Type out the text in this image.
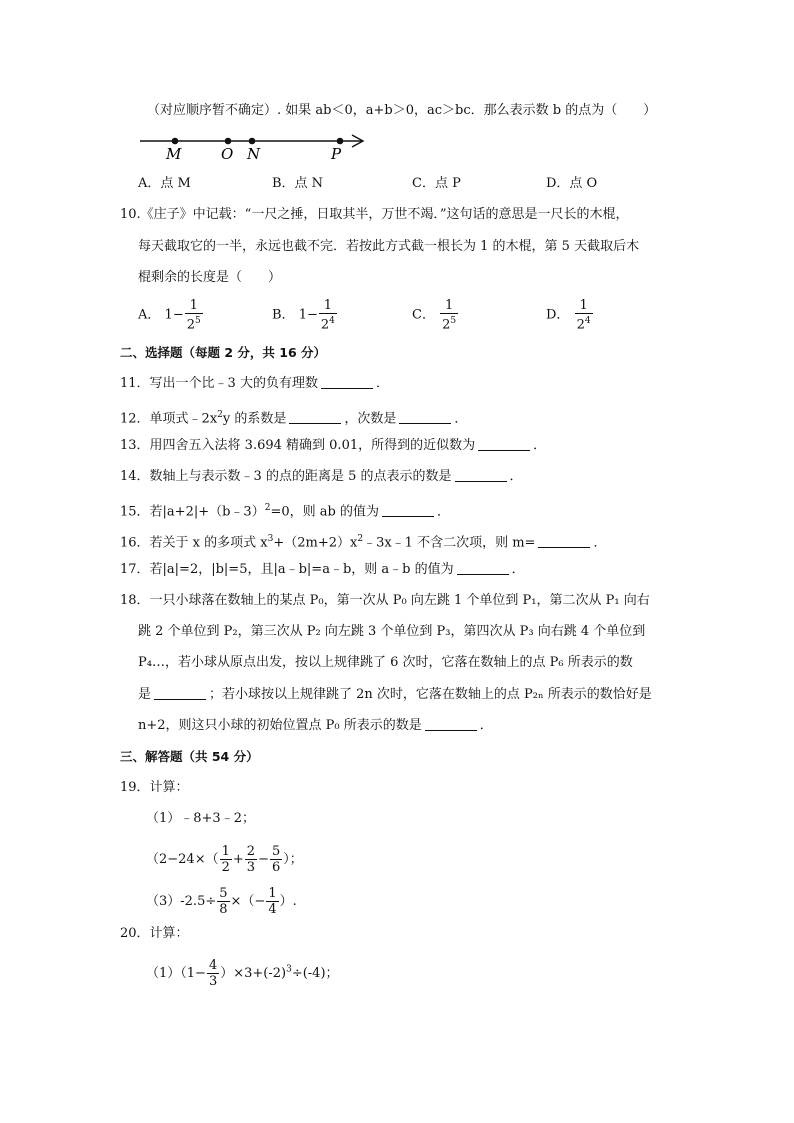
（对应顺序暂不确定）. 如果 ab＜0，a+b＞0，ac＞bc．那么表示数 b 的点为（　　）
M	O N	P
A．点 M	B．点 N	C．点 P	D．点 O
10.《庄子》中记载：“一尺之捶，日取其半，万世不竭．”这句话的意思是一尺长的木棍，
每天截取它的一半，永远也截不完．若按此方式截一根长为 1 的木棍，第 5 天截取后木
棍剩余的长度是（　　）
A． $1- \frac{1}{2^5}$	B． $1- \frac{1}{2^4}$	C． $\frac{1}{2^5}$	D． $\frac{1}{2^4}$
二、选择题（每题 2 分，共 16 分）
11．写出一个比﹣3 大的负有理数	．
12．单项式$﹣2x^2y$ 的系数是	，次数是	．
13．用四舍五入法将 3.694 精确到 0.01，所得到的近似数为	．
14．数轴上与表示数﹣3 的点的距离是 5 的点表示的数是	．
15．若|a+2|+（b﹣3）$^2$=0，则 ab 的值为	．
16．若关于 x 的多项式 $x^3+(2m+2)x^2﹣3x﹣1$ 不含二次项，则 m=	．
17．若|a|=2，|b|=5，且|a﹣b|=a﹣b，则 a﹣b 的值为	．
18．一只小球落在数轴上的某点 P₀，第一次从 P₀ 向左跳 1 个单位到 P₁，第二次从 P₁ 向右
跳 2 个单位到 P₂，第三次从 P₂ 向左跳 3 个单位到 P₃，第四次从 P₃ 向右跳 4 个单位到
P₄…，若小球从原点出发，按以上规律跳了 6 次时，它落在数轴上的点 P₆ 所表示的数
是	；若小球按以上规律跳了 2n 次时，它落在数轴上的点 P₂ₙ 所表示的数恰好是
n+2，则这只小球的初始位置点 P₀ 所表示的数是	．
三、解答题（共 54 分）
19．计算：
（1）﹣8+3﹣2；
（$2-24\times( \frac{1}{2} + \frac{2}{3} - \frac{5}{6}$ ）；
$(3)-2.5\div \frac{5}{8}$ ×（− $\frac{1}{4}$ ）.
20．计算：
$(1)(1- \frac{4}{3} )\times 3+(-2)^3\div(-4)$；
